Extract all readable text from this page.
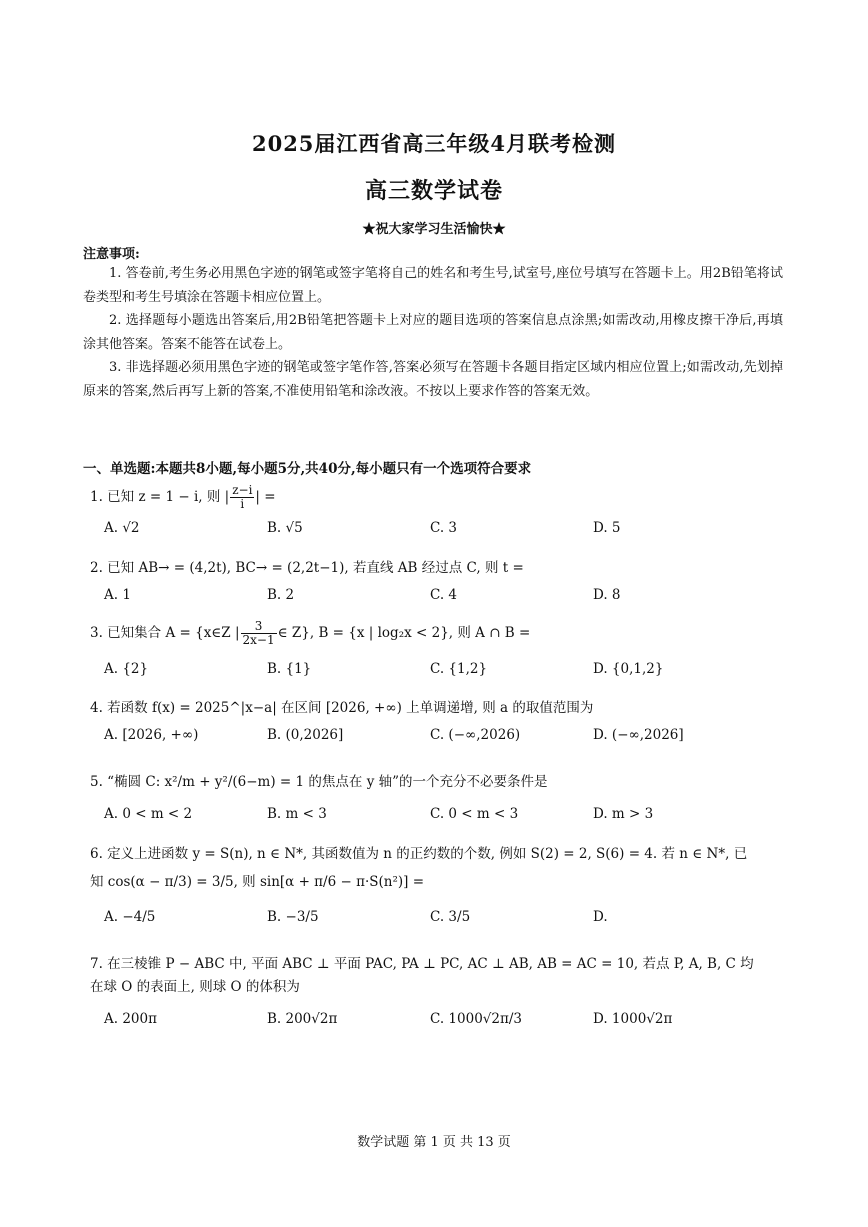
2025届江西省高三年级4月联考检测
高三数学试卷
★祝大家学习生活愉快★
注意事项:
1. 答卷前,考生务必用黑色字迹的钢笔或签字笔将自己的姓名和考生号,试室号,座位号填写在答题卡上。用2B铅笔将试卷类型和考生号填涂在答题卡相应位置上。
2. 选择题每小题选出答案后,用2B铅笔把答题卡上对应的题目选项的答案信息点涂黑;如需改动,用橡皮擦干净后,再填涂其他答案。答案不能答在试卷上。
3. 非选择题必须用黑色字迹的钢笔或签字笔作答,答案必须写在答题卡各题目指定区域内相应位置上;如需改动,先划掉原来的答案,然后再写上新的答案,不准使用铅笔和涂改液。不按以上要求作答的答案无效。
一、单选题:本题共8小题,每小题5分,共40分,每小题只有一个选项符合要求
1. 已知 z = 1 − i, 则 | $\frac{z-i}{i}$ | =
A. √2	B. √5	C. 3	D. 5
2. 已知 AB→ = (4,2t), BC→ = (2,2t−1), 若直线 AB 经过点 C, 则 t =
A. 1	B. 2	C. 4	D. 8
3. 已知集合 A = {x∈Z | $\frac{3}{2x-1}$ ∈ Z}, B = {x | log₂x < 2}, 则 A ∩ B =
A. {2}	B. {1}	C. {1,2}	D. {0,1,2}
4. 若函数 f(x) = 2025^|x−a| 在区间 [2026, +∞) 上单调递增, 则 a 的取值范围为
A. [2026, +∞)	B. (0,2026]	C. (−∞,2026)	D. (−∞,2026]
5. “椭圆 C: x²/m + y²/(6−m) = 1 的焦点在 y 轴”的一个充分不必要条件是
A. 0 < m < 2	B. m < 3	C. 0 < m < 3	D. m > 3
6. 定义上进函数 y = S(n), n ∈ N*, 其函数值为 n 的正约数的个数, 例如 S(2) = 2, S(6) = 4. 若 n ∈ N*, 已
知 cos(α − π/3) = 3/5, 则 sin[α + π/6 − π·S(n²)] =
A. −4/5	B. −3/5	C. 3/5	D.
7. 在三棱锥 P − ABC 中, 平面 ABC ⊥ 平面 PAC, PA ⊥ PC, AC ⊥ AB, AB = AC = 10, 若点 P, A, B, C 均
在球 O 的表面上, 则球 O 的体积为
A. 200π	B. 200√2π	C. 1000√2π/3	D. 1000√2π
数学试题 第 1 页 共 13 页
